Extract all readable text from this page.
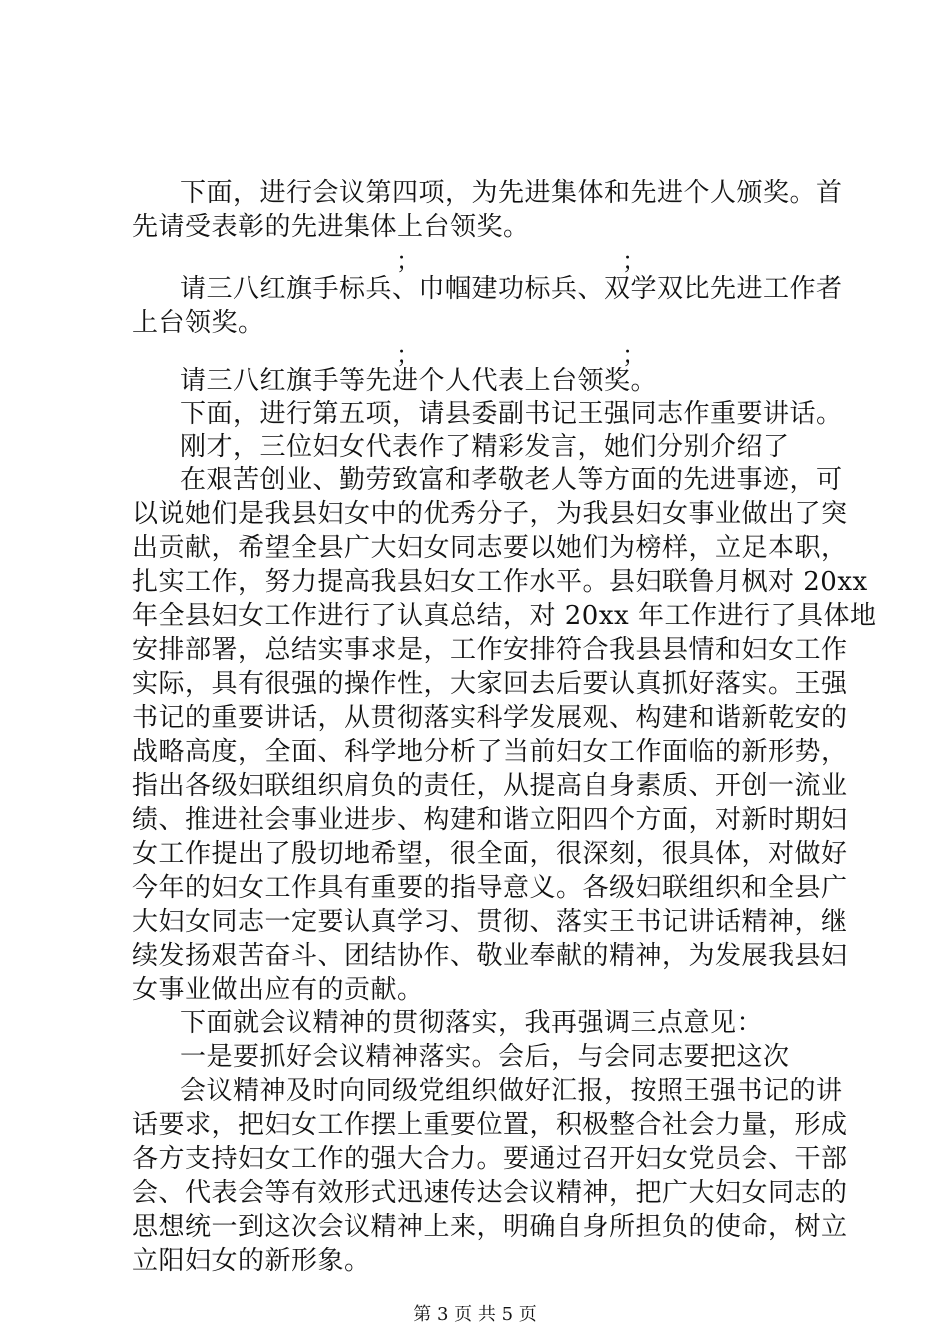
下面，进行会议第四项，为先进集体和先进个人颁奖。首
先请受表彰的先进集体上台领奖。
；	；
请三八红旗手标兵、巾帼建功标兵、双学双比先进工作者
上台领奖。
；	；
请三八红旗手等先进个人代表上台领奖。
下面，进行第五项，请县委副书记王强同志作重要讲话。
刚才，三位妇女代表作了精彩发言，她们分别介绍了
在艰苦创业、勤劳致富和孝敬老人等方面的先进事迹，可
以说她们是我县妇女中的优秀分子，为我县妇女事业做出了突
出贡献，希望全县广大妇女同志要以她们为榜样，立足本职，
扎实工作，努力提高我县妇女工作水平。县妇联鲁月枫对 20xx
年全县妇女工作进行了认真总结，对 20xx 年工作进行了具体地
安排部署，总结实事求是，工作安排符合我县县情和妇女工作
实际，具有很强的操作性，大家回去后要认真抓好落实。王强
书记的重要讲话，从贯彻落实科学发展观、构建和谐新乾安的
战略高度，全面、科学地分析了当前妇女工作面临的新形势，
指出各级妇联组织肩负的责任，从提高自身素质、开创一流业
绩、推进社会事业进步、构建和谐立阳四个方面，对新时期妇
女工作提出了殷切地希望，很全面，很深刻，很具体，对做好
今年的妇女工作具有重要的指导意义。各级妇联组织和全县广
大妇女同志一定要认真学习、贯彻、落实王书记讲话精神，继
续发扬艰苦奋斗、团结协作、敬业奉献的精神，为发展我县妇
女事业做出应有的贡献。
下面就会议精神的贯彻落实，我再强调三点意见：
一是要抓好会议精神落实。会后，与会同志要把这次
会议精神及时向同级党组织做好汇报，按照王强书记的讲
话要求，把妇女工作摆上重要位置，积极整合社会力量，形成
各方支持妇女工作的强大合力。要通过召开妇女党员会、干部
会、代表会等有效形式迅速传达会议精神，把广大妇女同志的
思想统一到这次会议精神上来，明确自身所担负的使命，树立
立阳妇女的新形象。
第 3 页 共 5 页
